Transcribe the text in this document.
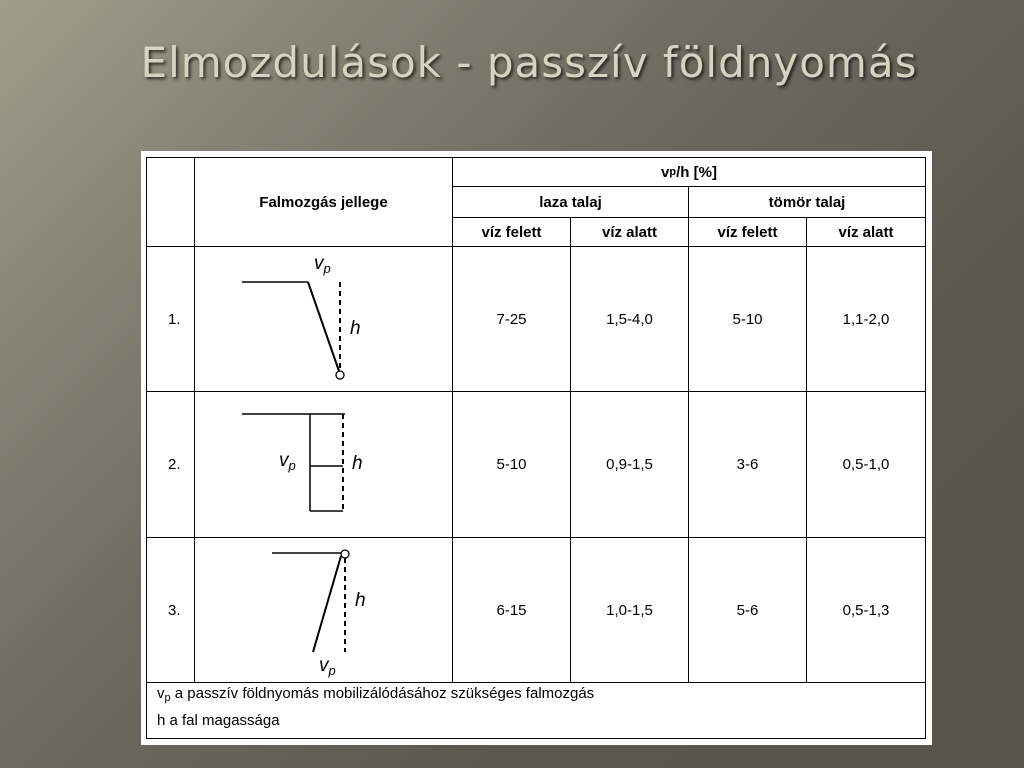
Elmozdulások - passzív földnyomás
Falmozgás jellege
v p /h [%]
laza talaj	tömör talaj
víz felett	víz alatt	víz felett	víz alatt
1.	7-25	1,5-4,0	5-10	1,1-2,0
2.	5-10	0,9-1,5	3-6	0,5-1,0
3.	6-15	1,0-1,5	5-6	0,5-1,3
$v_p$
h
$v_p$	h
h
$v_p$
$v_p$ a passzív földnyomás mobilizálódásához szükséges falmozgás
h a fal magassága
